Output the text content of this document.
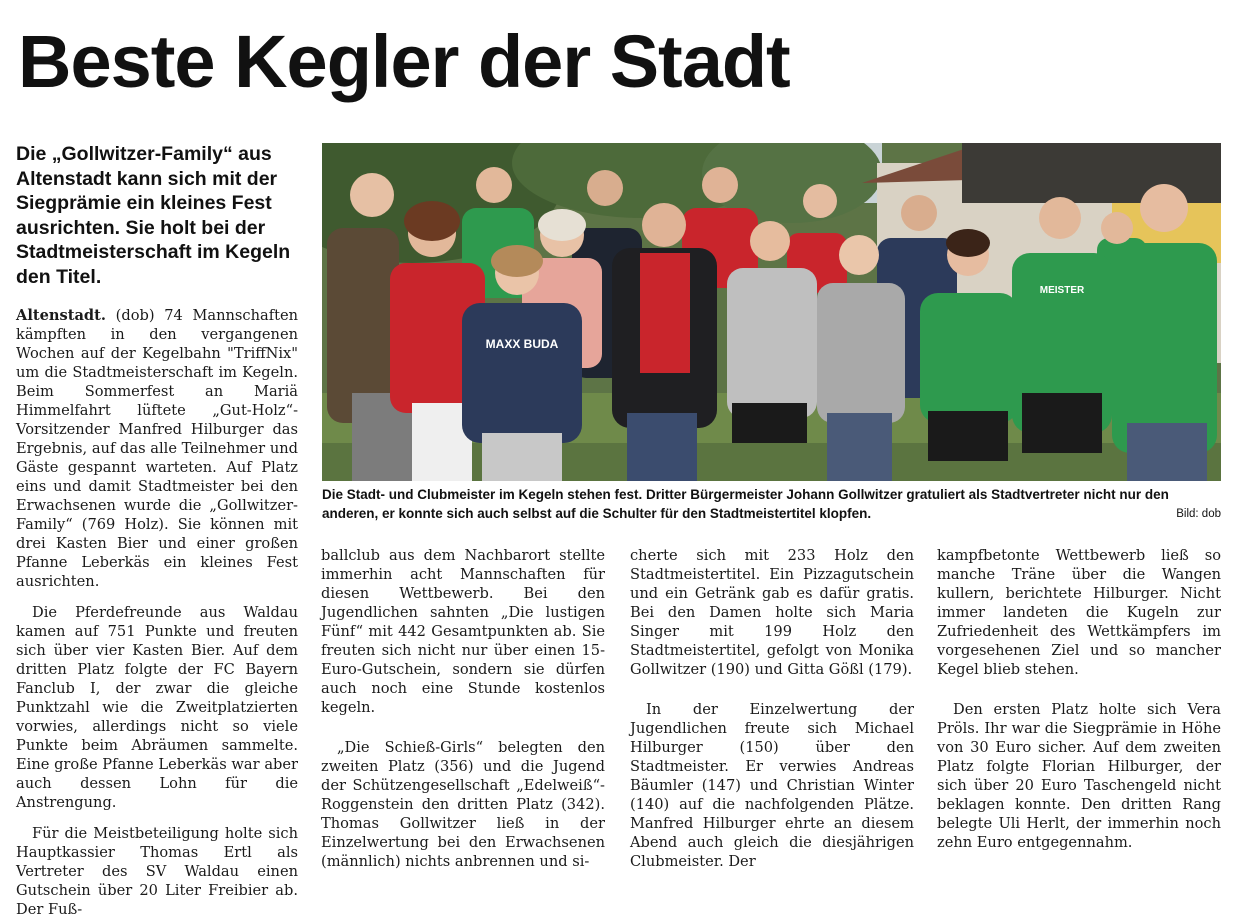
Beste Kegler der Stadt

Die „Gollwitzer-Family“ aus Altenstadt kann sich mit der Siegprämie ein kleines Fest ausrichten. Sie holt bei der Stadtmeisterschaft im Kegeln den Titel.

Altenstadt. (dob) 74 Mannschaften kämpften in den vergangenen Wochen auf der Kegelbahn "TriffNix" um die Stadtmeisterschaft im Kegeln. Beim Sommerfest an Mariä Himmelfahrt lüftete „Gut-Holz“-Vorsitzender Manfred Hilburger das Ergebnis, auf das alle Teilnehmer und Gäste gespannt warteten. Auf Platz eins und damit Stadtmeister bei den Erwachsenen wurde die „Gollwitzer-Family“ (769 Holz). Sie können mit drei Kasten Bier und einer großen Pfanne Leberkäs ein kleines Fest ausrichten.

Die Pferdefreunde aus Waldau kamen auf 751 Punkte und freuten sich über vier Kasten Bier. Auf dem dritten Platz folgte der FC Bayern Fanclub I, der zwar die gleiche Punktzahl wie die Zweitplatzierten vorwies, allerdings nicht so viele Punkte beim Abräumen sammelte. Eine große Pfanne Leberkäs war aber auch dessen Lohn für die Anstrengung.

Für die Meistbeteiligung holte sich Hauptkassier Thomas Ertl als Vertreter des SV Waldau einen Gutschein über 20 Liter Freibier ab. Der Fuß-

ballclub aus dem Nachbarort stellte immerhin acht Mannschaften für diesen Wettbewerb. Bei den Jugendlichen sahnten „Die lustigen Fünf“ mit 442 Gesamtpunkten ab. Sie freuten sich nicht nur über einen 15-Euro-Gutschein, sondern sie dürfen auch noch eine Stunde kostenlos kegeln.

„Die Schieß-Girls“ belegten den zweiten Platz (356) und die Jugend der Schützengesellschaft „Edelweiß“-Roggenstein den dritten Platz (342). Thomas Gollwitzer ließ in der Einzelwertung bei den Erwachsenen (männlich) nichts anbrennen und si-

cherte sich mit 233 Holz den Stadtmeistertitel. Ein Pizzagutschein und ein Getränk gab es dafür gratis. Bei den Damen holte sich Maria Singer mit 199 Holz den Stadtmeistertitel, gefolgt von Monika Gollwitzer (190) und Gitta Gößl (179).

In der Einzelwertung der Jugendlichen freute sich Michael Hilburger (150) über den Stadtmeister. Er verwies Andreas Bäumler (147) und Christian Winter (140) auf die nachfolgenden Plätze. Manfred Hilburger ehrte an diesem Abend auch gleich die diesjährigen Clubmeister. Der

kampfbetonte Wettbewerb ließ so manche Träne über die Wangen kullern, berichtete Hilburger. Nicht immer landeten die Kugeln zur Zufriedenheit des Wettkämpfers im vorgesehenen Ziel und so mancher Kegel blieb stehen.

Den ersten Platz holte sich Vera Pröls. Ihr war die Siegprämie in Höhe von 30 Euro sicher. Auf dem zweiten Platz folgte Florian Hilburger, der sich über 20 Euro Taschengeld nicht beklagen konnte. Den dritten Rang belegte Uli Herlt, der immerhin noch zehn Euro entgegennahm.

MAXX BUDA
MEISTER
Die Stadt- und Clubmeister im Kegeln stehen fest. Dritter Bürgermeister Johann Gollwitzer gratuliert als Stadtvertreter nicht nur den anderen, er konnte sich auch selbst auf die Schulter für den Stadtmeistertitel klopfen.	Bild: dob
